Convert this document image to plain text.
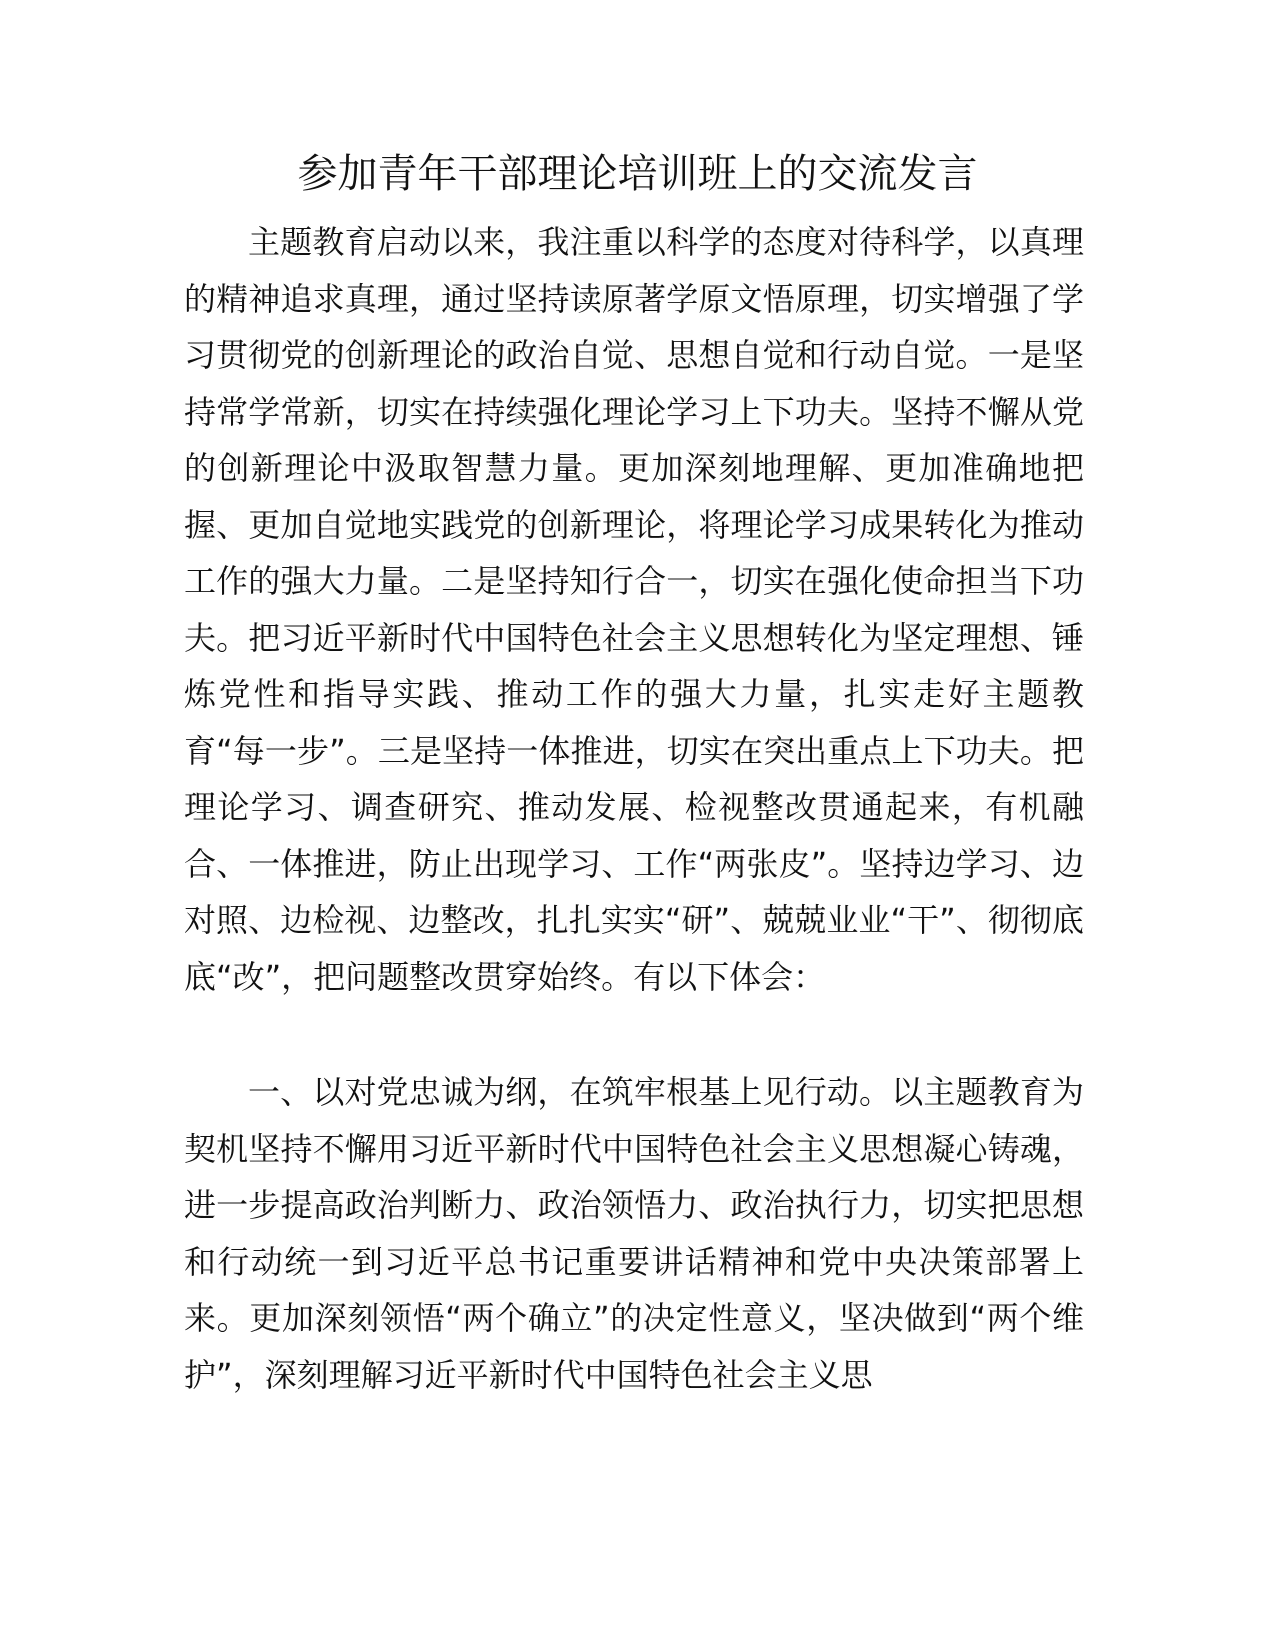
参加青年干部理论培训班上的交流发言

主题教育启动以来，我注重以科学的态度对待科学，以真理的精神追求真理，通过坚持读原著学原文悟原理，切实增强了学习贯彻党的创新理论的政治自觉、思想自觉和行动自觉。一是坚持常学常新，切实在持续强化理论学习上下功夫。坚持不懈从党的创新理论中汲取智慧力量。更加深刻地理解、更加准确地把握、更加自觉地实践党的创新理论，将理论学习成果转化为推动工作的强大力量。二是坚持知行合一，切实在强化使命担当下功夫。把习近平新时代中国特色社会主义思想转化为坚定理想、锤炼党性和指导实践、推动工作的强大力量，扎实走好主题教育“每一步”。三是坚持一体推进，切实在突出重点上下功夫。把理论学习、调查研究、推动发展、检视整改贯通起来，有机融合、一体推进，防止出现学习、工作“两张皮”。坚持边学习、边对照、边检视、边整改，扎扎实实“研”、兢兢业业“干”、彻彻底底“改”，把问题整改贯穿始终。有以下体会：

一、以对党忠诚为纲，在筑牢根基上见行动。以主题教育为契机坚持不懈用习近平新时代中国特色社会主义思想凝心铸魂，进一步提高政治判断力、政治领悟力、政治执行力，切实把思想和行动统一到习近平总书记重要讲话精神和党中央决策部署上来。更加深刻领悟“两个确立”的决定性意义，坚决做到“两个维护”，深刻理解习近平新时代中国特色社会主义思
